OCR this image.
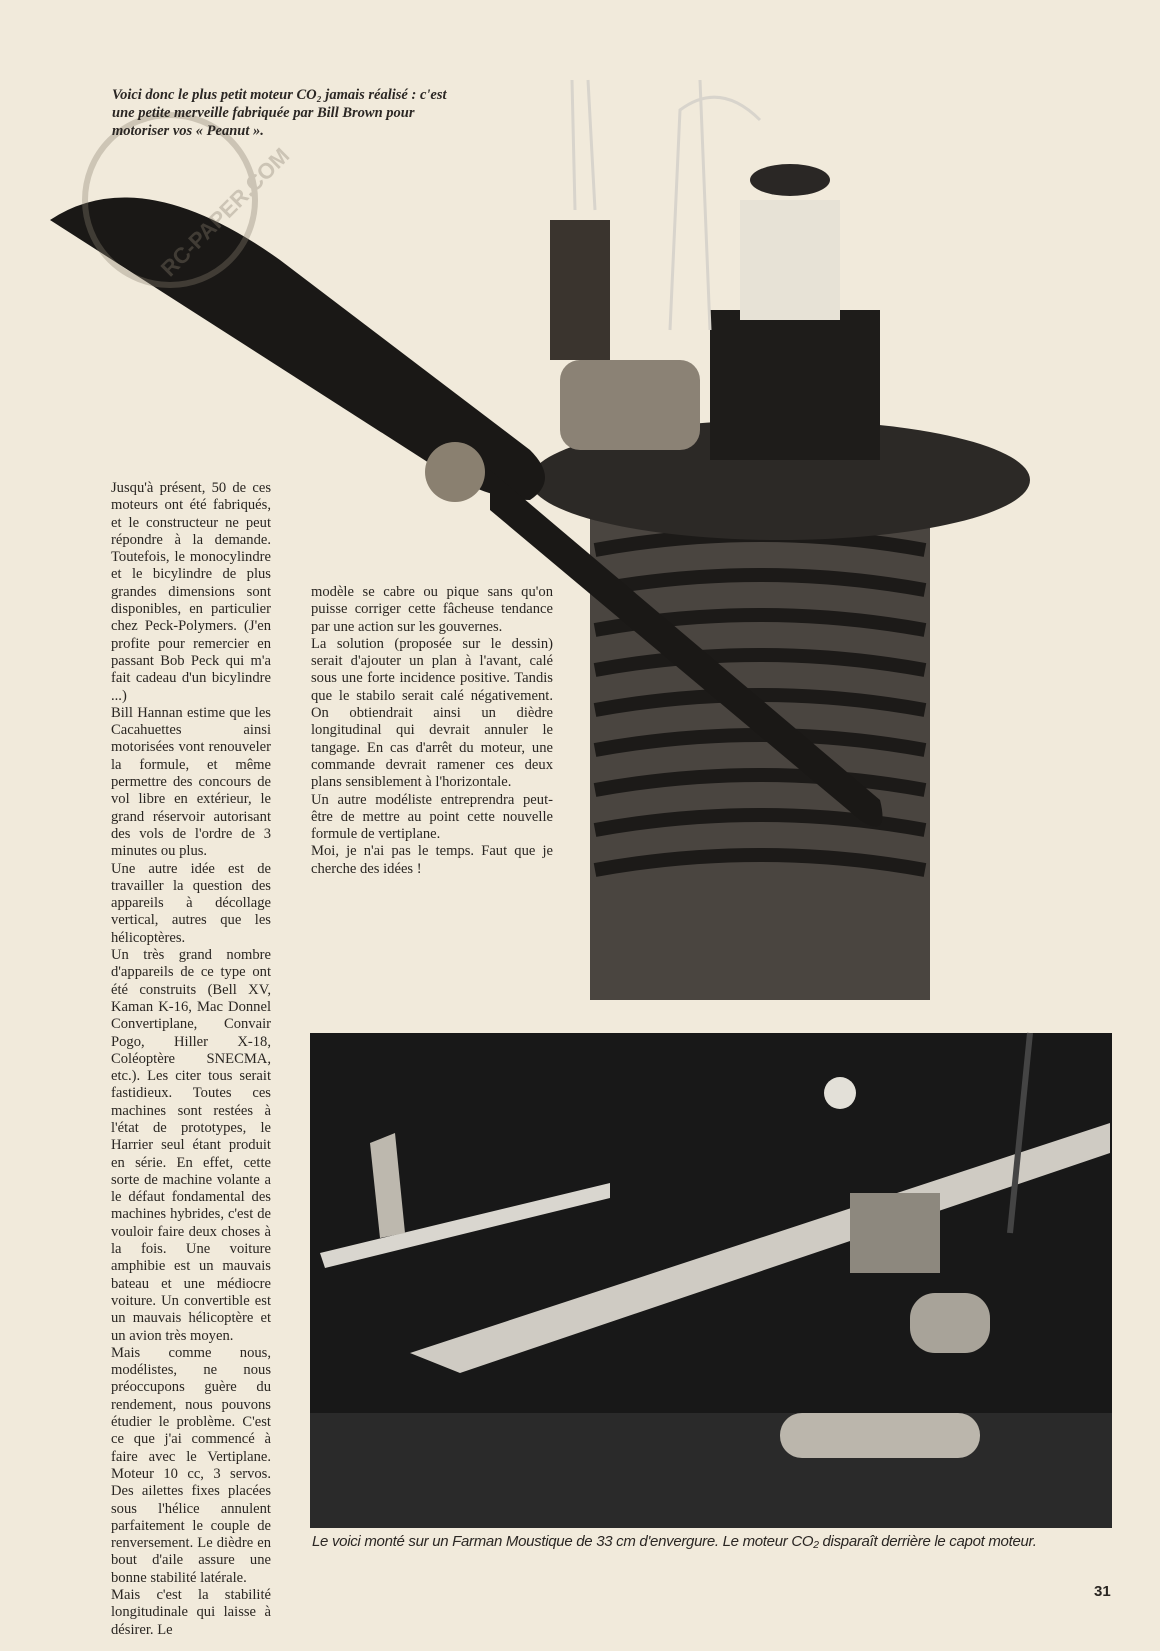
RC-PAPER.COM
Voici donc le plus petit moteur CO₂ jamais réalisé : c'est une petite merveille fabriquée par Bill Brown pour motoriser vos « Peanut ».

Jusqu'à présent, 50 de ces moteurs ont été fabriqués, et le constructeur ne peut répondre à la demande. Toutefois, le monocylindre et le bicylindre de plus grandes dimensions sont disponibles, en particulier chez Peck-Polymers. (J'en profite pour remercier en passant Bob Peck qui m'a fait cadeau d'un bicylindre ...)

Bill Hannan estime que les Cacahuettes ainsi motorisées vont renouveler la formule, et même permettre des concours de vol libre en extérieur, le grand réservoir autorisant des vols de l'ordre de 3 minutes ou plus.

Une autre idée est de travailler la question des appareils à décollage vertical, autres que les hélicoptères.

Un très grand nombre d'appareils de ce type ont été construits (Bell XV, Kaman K-16, Mac Donnel Convertiplane, Convair Pogo, Hiller X-18, Coléoptère SNECMA, etc.). Les citer tous serait fastidieux. Toutes ces machines sont restées à l'état de prototypes, le Harrier seul étant produit en série. En effet, cette sorte de machine volante a le défaut fondamental des machines hybrides, c'est de vouloir faire deux choses à la fois. Une voiture amphibie est un mauvais bateau et une médiocre voiture. Un convertible est un mauvais hélicoptère et un avion très moyen.

Mais comme nous, modélistes, ne nous préoccupons guère du rendement, nous pouvons étudier le problème. C'est ce que j'ai commencé à faire avec le Vertiplane. Moteur 10 cc, 3 servos. Des ailettes fixes placées sous l'hélice annulent parfaitement le couple de renversement. Le dièdre en bout d'aile assure une bonne stabilité latérale.

Mais c'est la stabilité longitudinale qui laisse à désirer. Le

modèle se cabre ou pique sans qu'on puisse corriger cette fâcheuse tendance par une action sur les gouvernes.

La solution (proposée sur le dessin) serait d'ajouter un plan à l'avant, calé sous une forte incidence positive. Tandis que le stabilo serait calé négativement. On obtiendrait ainsi un dièdre longitudinal qui devrait annuler le tangage. En cas d'arrêt du moteur, une commande devrait ramener ces deux plans sensiblement à l'horizontale.

Un autre modéliste entreprendra peut-être de mettre au point cette nouvelle formule de vertiplane.

Moi, je n'ai pas le temps. Faut que je cherche des idées !

Le voici monté sur un Farman Moustique de 33 cm d'envergure. Le moteur CO₂ disparaît derrière le capot moteur.
31
